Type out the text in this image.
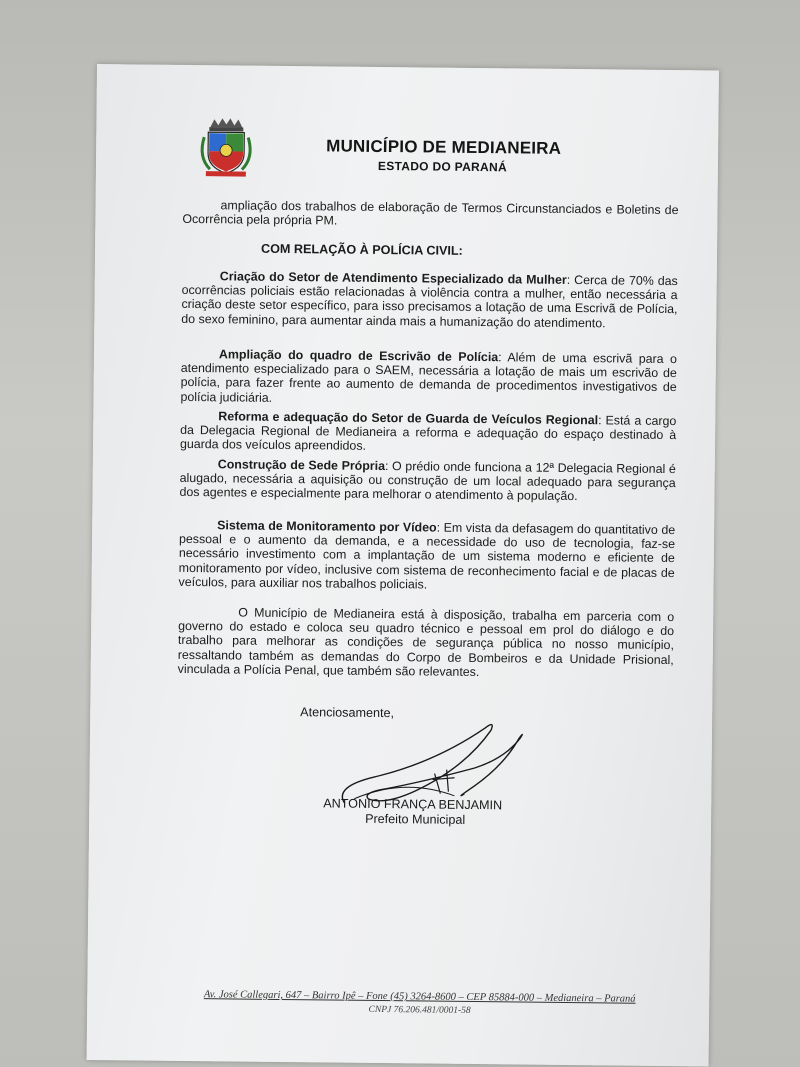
MUNICÍPIO DE MEDIANEIRA
ESTADO DO PARANÁ
ampliação dos trabalhos de elaboração de Termos Circunstanciados e Boletins de Ocorrência pela própria PM.
COM RELAÇÃO À POLÍCIA CIVIL:
Criação do Setor de Atendimento Especializado da Mulher: Cerca de 70% das ocorrências policiais estão relacionadas à violência contra a mulher, então necessária a criação deste setor específico, para isso precisamos a lotação de uma Escrivã de Polícia, do sexo feminino, para aumentar ainda mais a humanização do atendimento.
Ampliação do quadro de Escrivão de Polícia: Além de uma escrivã para o atendimento especializado para o SAEM, necessária a lotação de mais um escrivão de polícia, para fazer frente ao aumento de demanda de procedimentos investigativos de polícia judiciária.
Reforma e adequação do Setor de Guarda de Veículos Regional: Está a cargo da Delegacia Regional de Medianeira a reforma e adequação do espaço destinado à guarda dos veículos apreendidos.
Construção de Sede Própria: O prédio onde funciona a 12ª Delegacia Regional é alugado, necessária a aquisição ou construção de um local adequado para segurança dos agentes e especialmente para melhorar o atendimento à população.
Sistema de Monitoramento por Vídeo: Em vista da defasagem do quantitativo de pessoal e o aumento da demanda, e a necessidade do uso de tecnologia, faz-se necessário investimento com a implantação de um sistema moderno e eficiente de monitoramento por vídeo, inclusive com sistema de reconhecimento facial e de placas de veículos, para auxiliar nos trabalhos policiais.
O Município de Medianeira está à disposição, trabalha em parceria com o governo do estado e coloca seu quadro técnico e pessoal em prol do diálogo e do trabalho para melhorar as condições de segurança pública no nosso município, ressaltando também as demandas do Corpo de Bombeiros e da Unidade Prisional, vinculada a Polícia Penal, que também são relevantes.
Atenciosamente,
ANTONIO FRANÇA BENJAMIN
Prefeito Municipal
Av. José Callegari, 647 – Bairro Ipê – Fone (45) 3264-8600 – CEP 85884-000 – Medianeira – Paraná
CNPJ 76.206.481/0001-58
